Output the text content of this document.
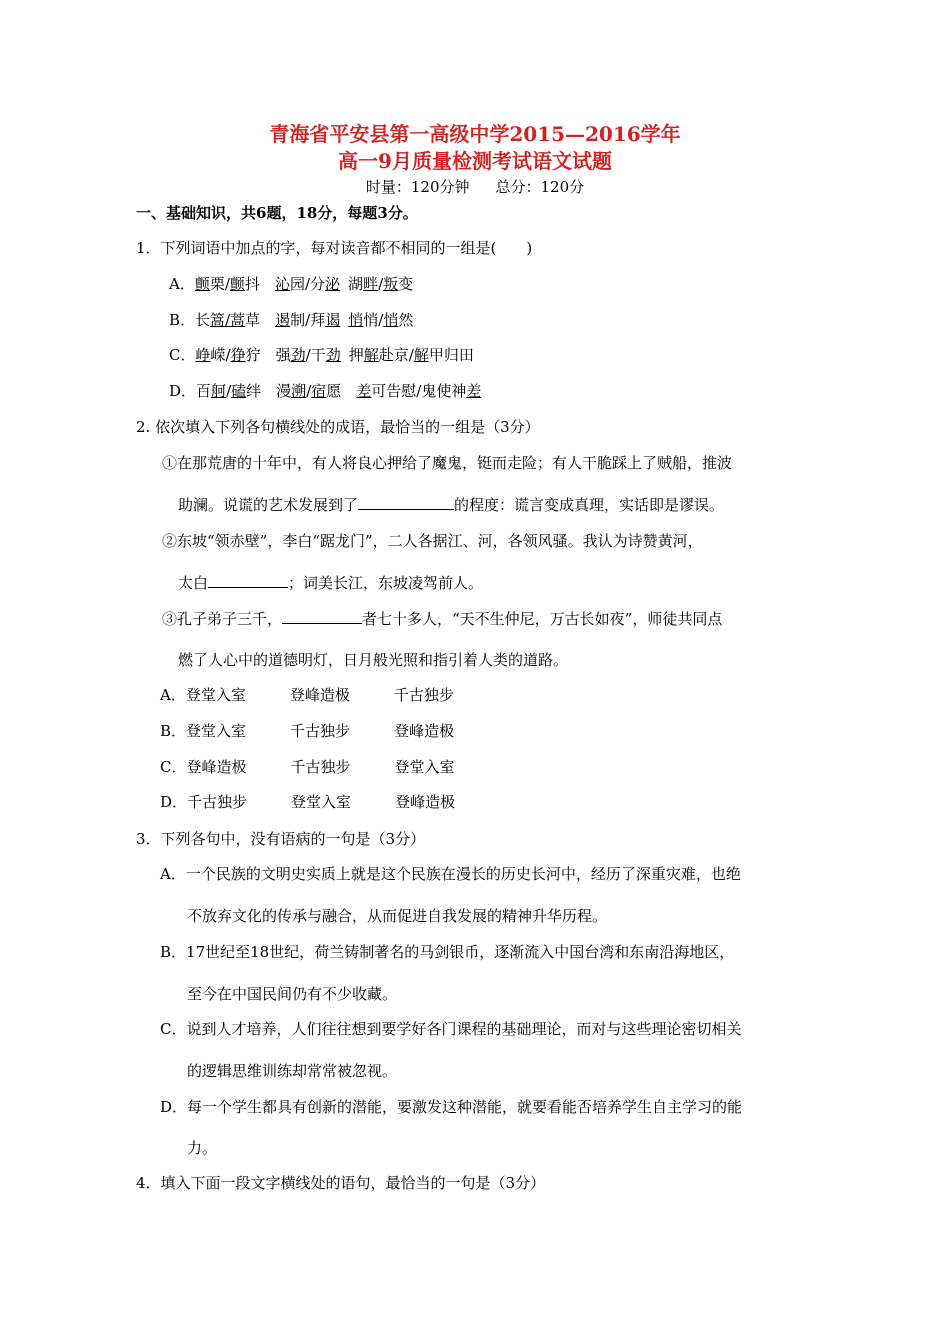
青海省平安县第一高级中学2015—2016学年
高一9月质量检测考试语文试题
时量：120分钟 总分：120分
一、基础知识，共6题，18分，每题3分。
1．下列词语中加点的字，每对读音都不相同的一组是(　　)
A．颤栗/颤抖 沁园/分泌 湖畔/叛变
B．长篙/蒿草 遏制/拜谒 悄悄/悄然
C．峥嵘/狰狞 强劲/干劲 押解赴京/解甲归田
D．百舸/磕绊 漫溯/宿愿 差可告慰/鬼使神差
2. 依次填入下列各句横线处的成语，最恰当的一组是（3分）
①在那荒唐的十年中，有人将良心押给了魔鬼，铤而走险；有人干脆踩上了贼船，推波
助澜。说谎的艺术发展到了	的程度：谎言变成真理，实话即是谬误。
②东坡“领赤壁”，李白“踞龙门”，二人各据江、河，各领风骚。我认为诗赞黄河，
太白	；词美长江，东坡凌驾前人。
③孔子弟子三千，	者七十多人，“天不生仲尼，万古长如夜”，师徒共同点
燃了人心中的道德明灯，日月般光照和指引着人类的道路。
A．登堂入室	登峰造极	千古独步
B．登堂入室	千古独步	登峰造极
C．登峰造极	千古独步	登堂入室
D．千古独步	登堂入室	登峰造极
3．下列各句中，没有语病的一句是（3分）
A．一个民族的文明史实质上就是这个民族在漫长的历史长河中，经历了深重灾难，也绝
不放弃文化的传承与融合，从而促进自我发展的精神升华历程。
B．17世纪至18世纪，荷兰铸制著名的马剑银币，逐渐流入中国台湾和东南沿海地区，
至今在中国民间仍有不少收藏。
C．说到人才培养，人们往往想到要学好各门课程的基础理论，而对与这些理论密切相关
的逻辑思维训练却常常被忽视。
D．每一个学生都具有创新的潜能，要激发这种潜能，就要看能否培养学生自主学习的能
力。
4．填入下面一段文字横线处的语句，最恰当的一句是（3分）
